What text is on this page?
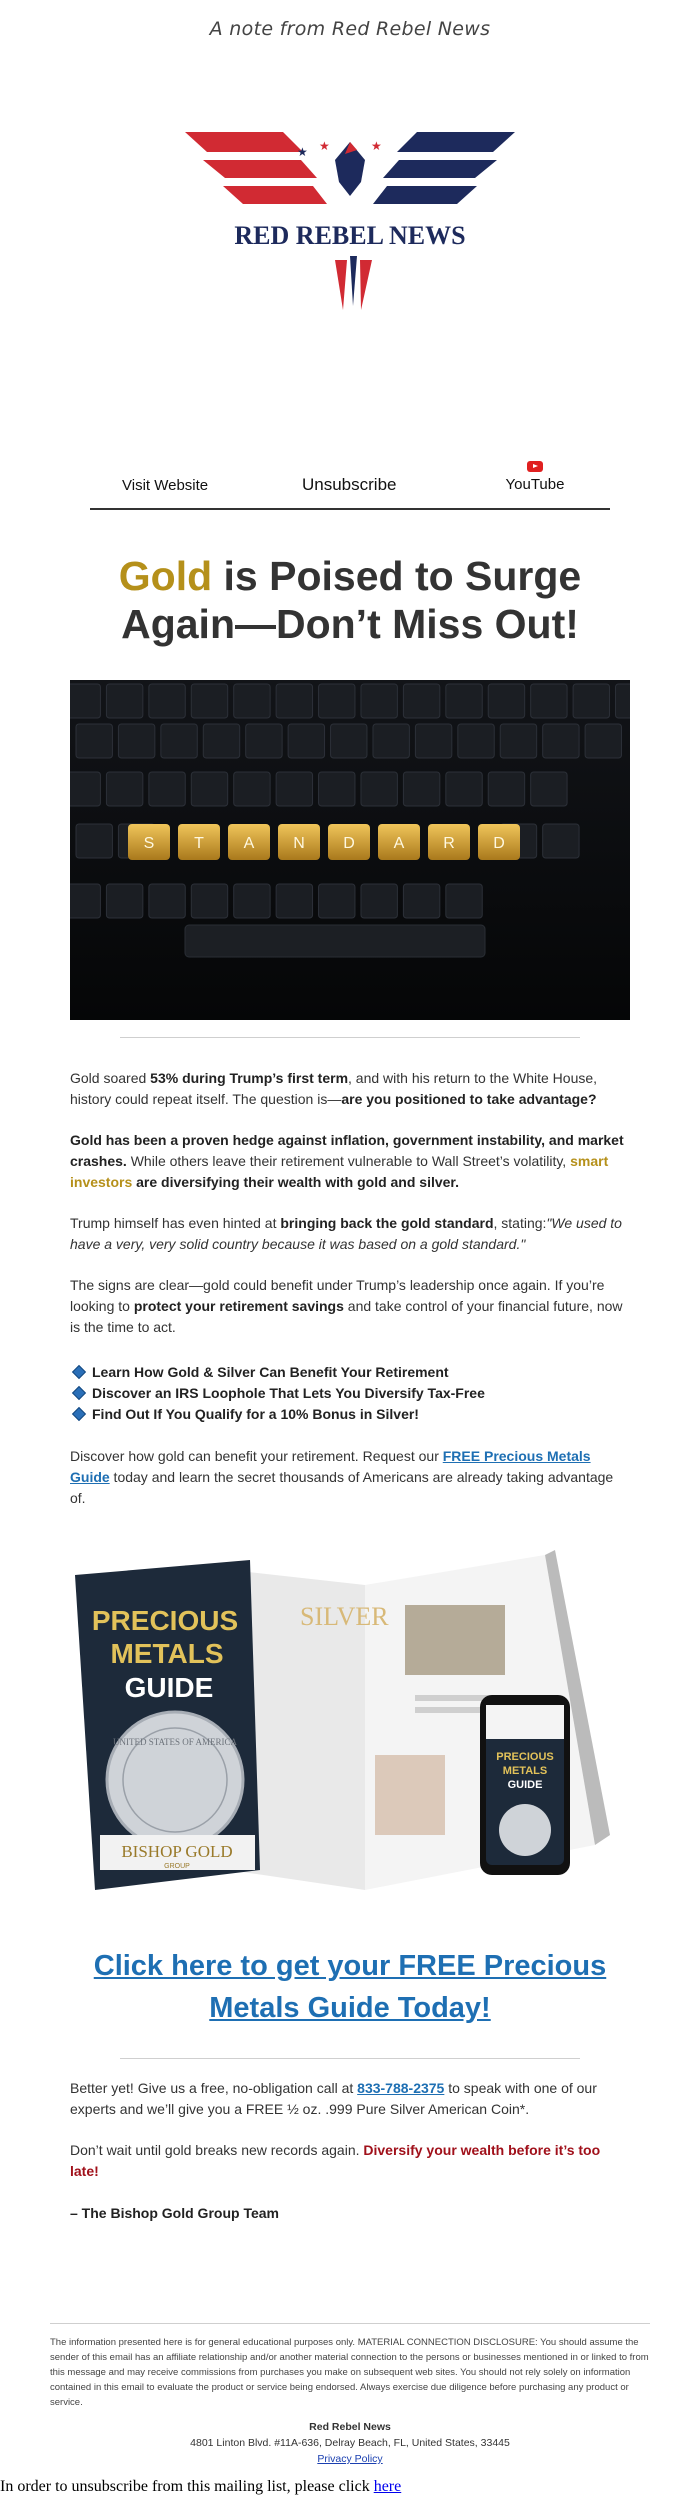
A note from Red Rebel News
★ ★	★
RED REBEL NEWS
Visit Website	Unsubscribe	YouTube
Gold is Poised to Surge
Again—Don’t Miss Out!
S T A N D A R D
Gold soared 53% during Trump’s first term, and with his return to the White House, history could repeat itself. The question is—are you positioned to take advantage?
Gold has been a proven hedge against inflation, government instability, and market crashes. While others leave their retirement vulnerable to Wall Street’s volatility, smart investors are diversifying their wealth with gold and silver.
Trump himself has even hinted at bringing back the gold standard, stating:"We used to have a very, very solid country because it was based on a gold standard."
The signs are clear—gold could benefit under Trump’s leadership once again. If you’re looking to protect your retirement savings and take control of your financial future, now is the time to act.
Learn How Gold & Silver Can Benefit Your Retirement
Discover an IRS Loophole That Lets You Diversify Tax-Free
Find Out If You Qualify for a 10% Bonus in Silver!
Discover how gold can benefit your retirement. Request our FREE Precious Metals Guide today and learn the secret thousands of Americans are already taking advantage of.
SILVER
PRECIOUS
METALS
GUIDE
UNITED STATES OF AMERICA
BISHOP GOLD
GROUP
PRECIOUS
METALS
GUIDE
Click here to get your FREE Precious
Metals Guide Today!
Better yet! Give us a free, no-obligation call at 833-788-2375 to speak with one of our experts and we’ll give you a FREE ½ oz. .999 Pure Silver American Coin*.
Don’t wait until gold breaks new records again. Diversify your wealth before it’s too late!
– The Bishop Gold Group Team
The information presented here is for general educational purposes only. MATERIAL CONNECTION DISCLOSURE: You should assume the sender of this email has an affiliate relationship and/or another material connection to the persons or businesses mentioned in or linked to from this message and may receive commissions from purchases you make on subsequent web sites. You should not rely solely on information contained in this email to evaluate the product or service being endorsed. Always exercise due diligence before purchasing any product or service.
Red Rebel News
4801 Linton Blvd. #11A-636, Delray Beach, FL, United States, 33445
Privacy Policy
In order to unsubscribe from this mailing list, please click here
